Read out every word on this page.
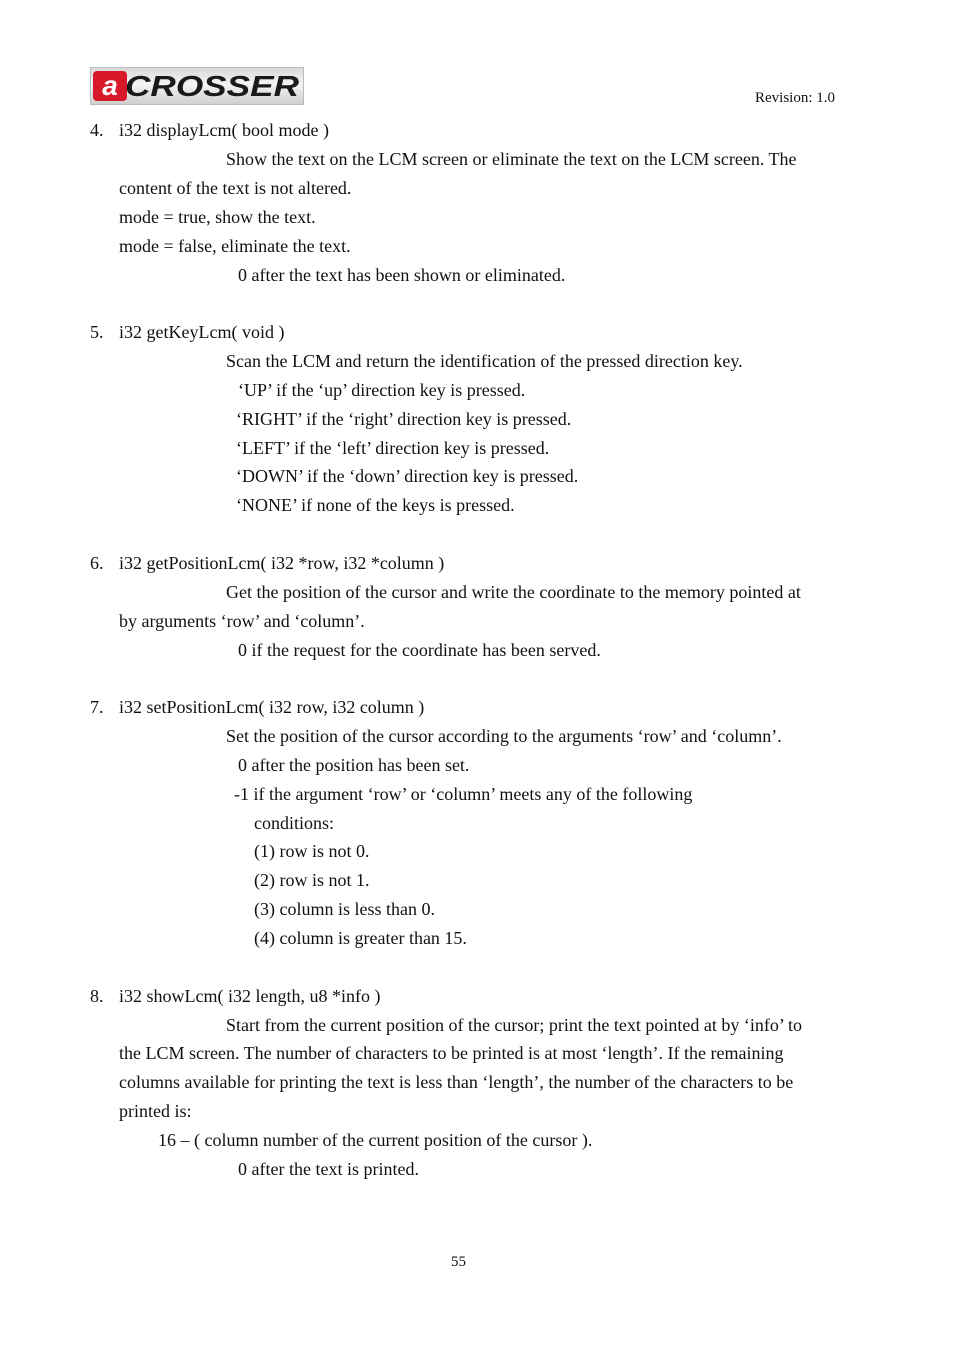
a CROSSER	Revision: 1.0
4. i32 displayLcm( bool mode )
Show the text on the LCM screen or eliminate the text on the LCM screen. The
content of the text is not altered.
mode = true, show the text.
mode = false, eliminate the text.
0 after the text has been shown or eliminated.
5. i32 getKeyLcm( void )
Scan the LCM and return the identification of the pressed direction key.
‘UP’ if the ‘up’ direction key is pressed.
‘RIGHT’ if the ‘right’ direction key is pressed.
‘LEFT’ if the ‘left’ direction key is pressed.
‘DOWN’ if the ‘down’ direction key is pressed.
‘NONE’ if none of the keys is pressed.
6. i32 getPositionLcm( i32 *row, i32 *column )
Get the position of the cursor and write the coordinate to the memory pointed at
by arguments ‘row’ and ‘column’.
0 if the request for the coordinate has been served.
7. i32 setPositionLcm( i32 row, i32 column )
Set the position of the cursor according to the arguments ‘row’ and ‘column’.
0 after the position has been set.
-1 if the argument ‘row’ or ‘column’ meets any of the following
conditions:
(1) row is not 0.
(2) row is not 1.
(3) column is less than 0.
(4) column is greater than 15.
8. i32 showLcm( i32 length, u8 *info )
Start from the current position of the cursor; print the text pointed at by ‘info’ to
the LCM screen. The number of characters to be printed is at most ‘length’. If the remaining
columns available for printing the text is less than ‘length’, the number of the characters to be
printed is:
16 – ( column number of the current position of the cursor ).
0 after the text is printed.
55
